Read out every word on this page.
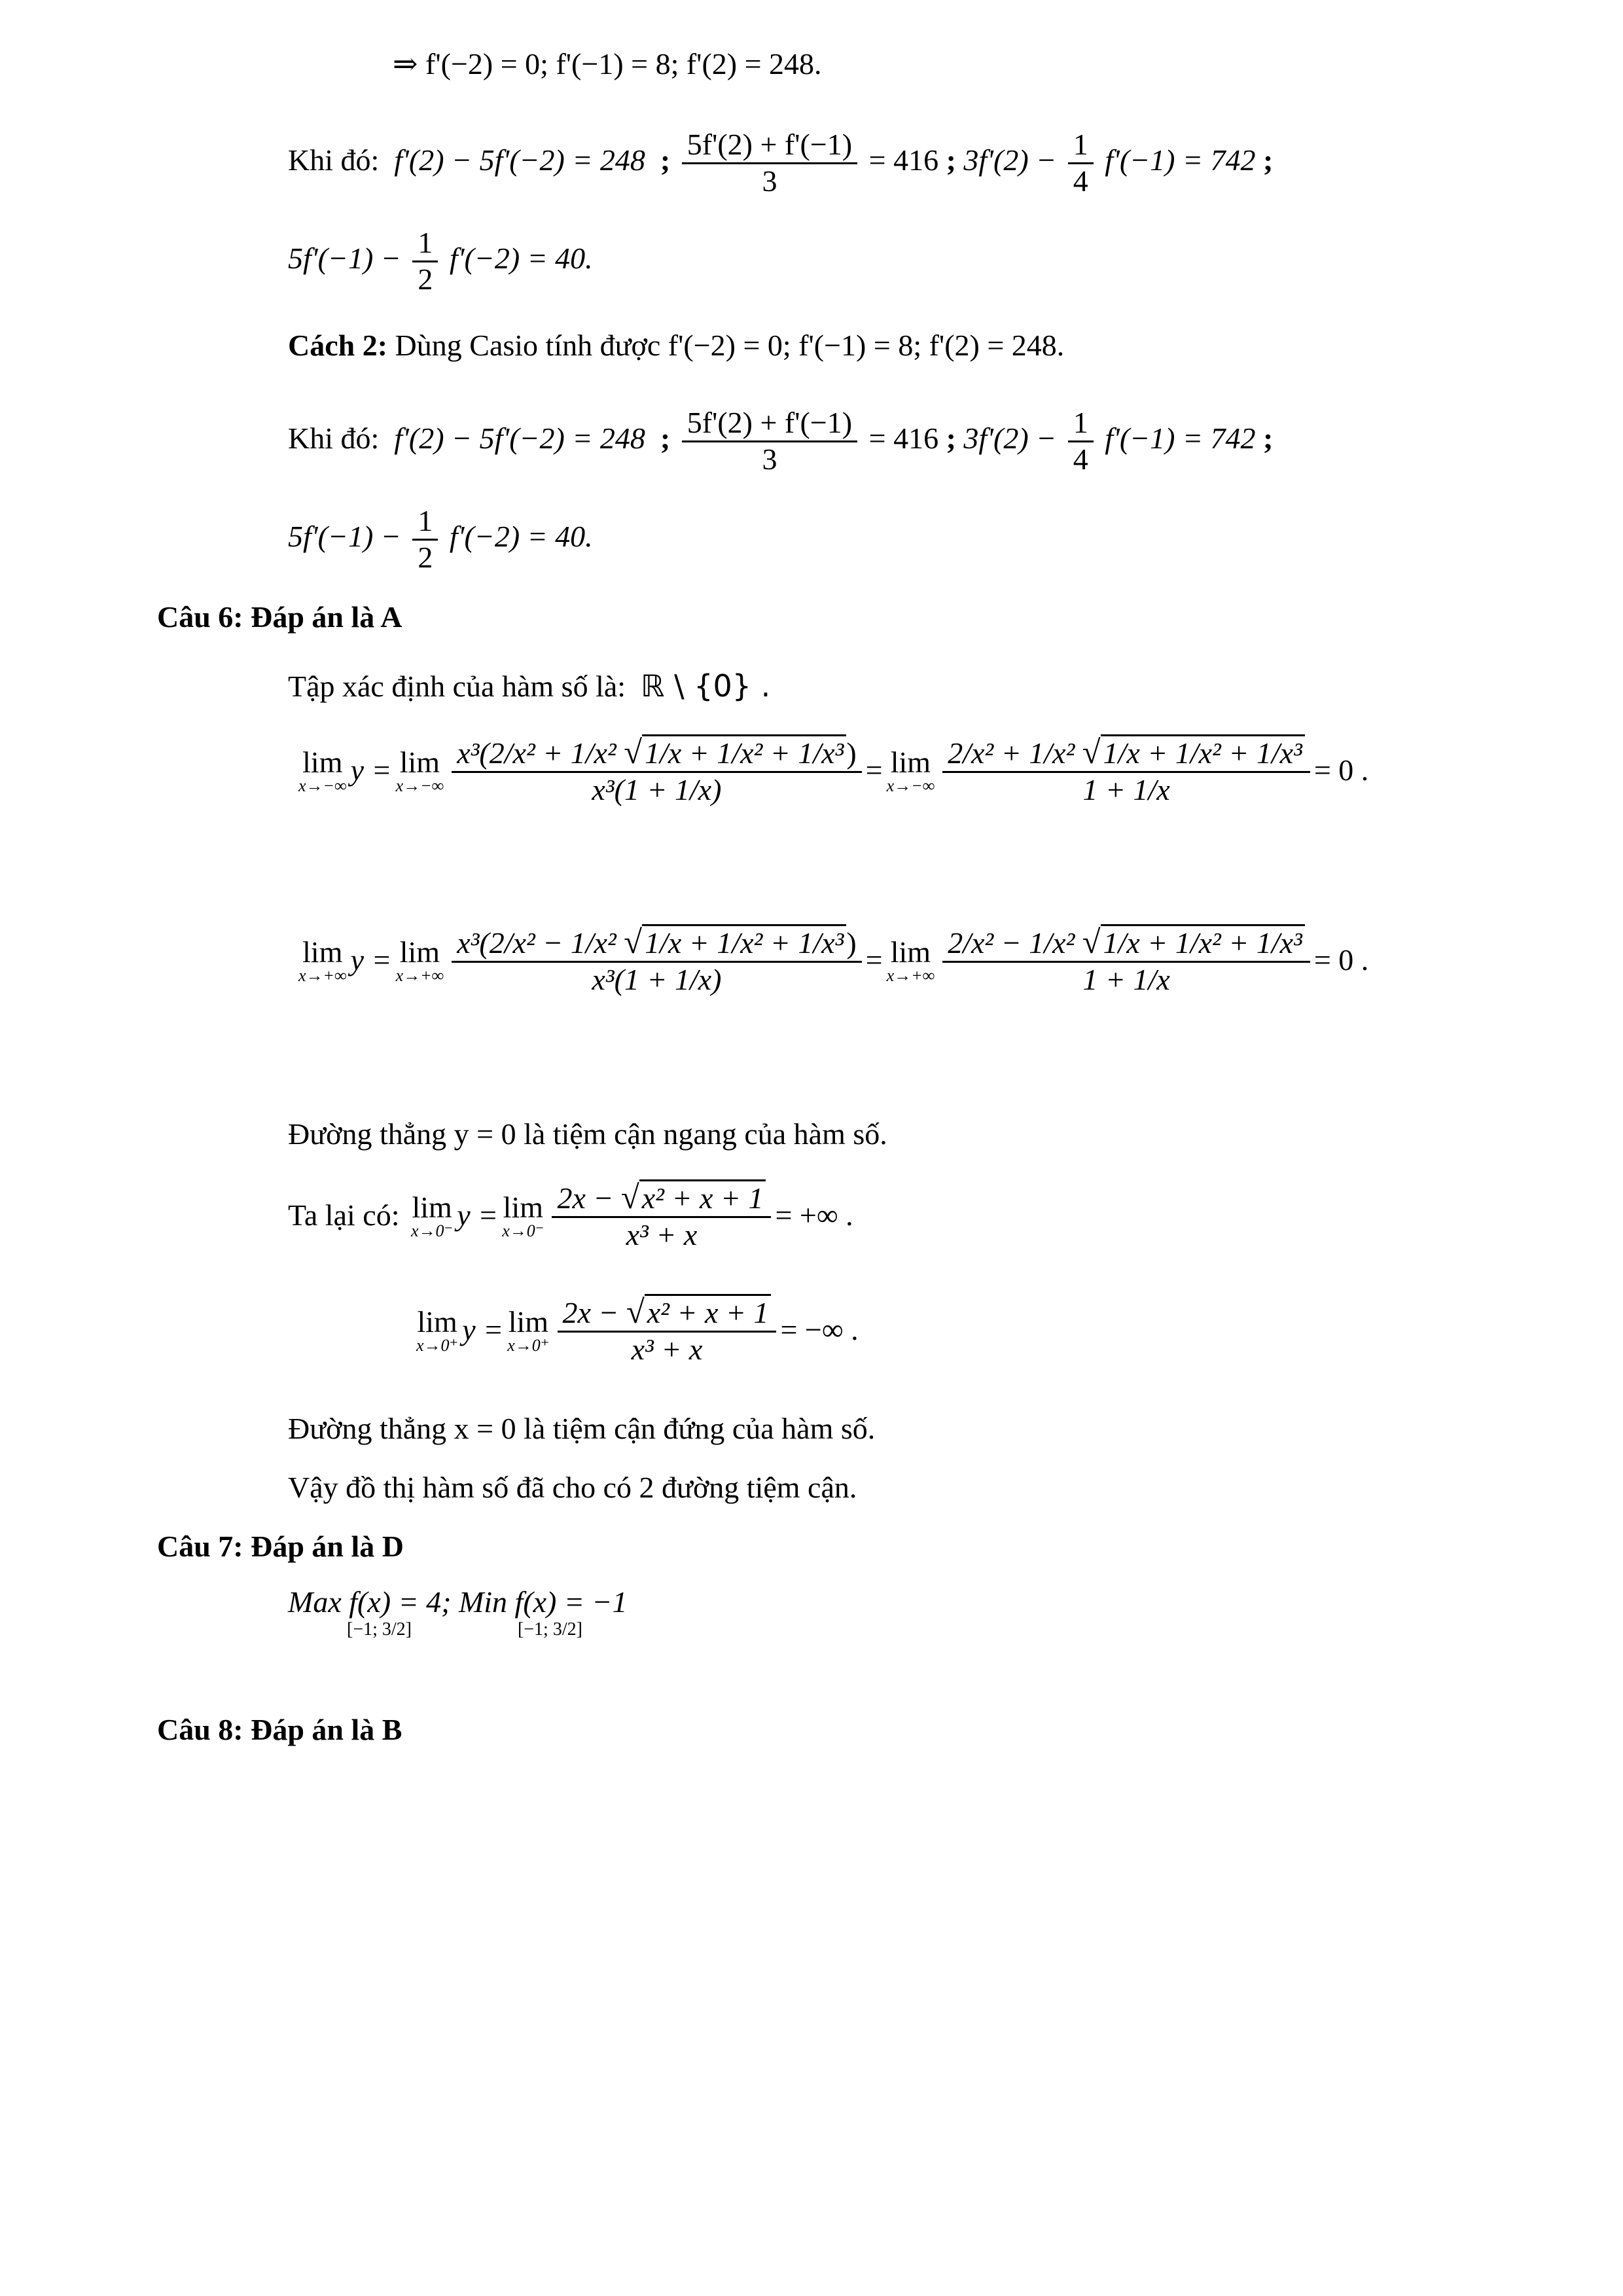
⇒ f'(−2) = 0; f'(−1) = 8; f'(2) = 248.
Khi đó: f'(2) − 5f'(−2) = 248 ; $\frac{5f'(2) + f'(-1)}{3} = 416$ ; $3f'(2) - \frac{1}{4} f'(-1) = 742$ ;
$5f'(-1) - \frac{1}{2} f'(-2) = 40$.
Cách 2: Dùng Casio tính được f'(−2) = 0; f'(−1) = 8; f'(2) = 248.
Khi đó: f'(2) − 5f'(−2) = 248 ; $\frac{5f'(2) + f'(-1)}{3} = 416$ ; $3f'(2) - \frac{1}{4} f'(-1) = 742$ ;
$5f'(-1) - \frac{1}{2} f'(-2) = 40$.
Câu 6: Đáp án là A
Tập xác định của hàm số là: ℝ \ {0} .
lim
x→−∞ y = lim
$x\to-\infty \frac{\text{x³(2/x² + 1/x² √1/x + 1/x² + 1/x³)}}{\text{x³(1 + 1/x)}} = \lim$
$x\to-\infty \frac{\text{2/x² + 1/x² √1/x + 1/x² + 1/x³}}{1 + 1/x} = 0$ .
lim
x→+∞ y = lim
$x\to+\infty \frac{\text{x³(2/x² − 1/x² √1/x + 1/x² + 1/x³)}}{\text{x³(1 + 1/x)}} = \lim$
$x\to+\infty \frac{\text{2/x² − 1/x² √1/x + 1/x² + 1/x³}}{1 + 1/x} = 0$ .
Đường thẳng y = 0 là tiệm cận ngang của hàm số.
Ta lại có:
lim
x→0⁻ y = lim
$x\to 0^- \frac{\text{2x − √x² + x + 1}}{\text{x³ + x}}$ = +∞ .
lim
x→0⁺ y = lim
$x\to 0^+ \frac{\text{2x − √x² + x + 1}}{\text{x³ + x}}$ = −∞ .
Đường thẳng x = 0 là tiệm cận đứng của hàm số.
Vậy đồ thị hàm số đã cho có 2 đường tiệm cận.
Câu 7: Đáp án là D
Max f(x) = 4;
[−1; 3/2]

Min f(x) = −1
[−1; 3/2]
Câu 8: Đáp án là B
